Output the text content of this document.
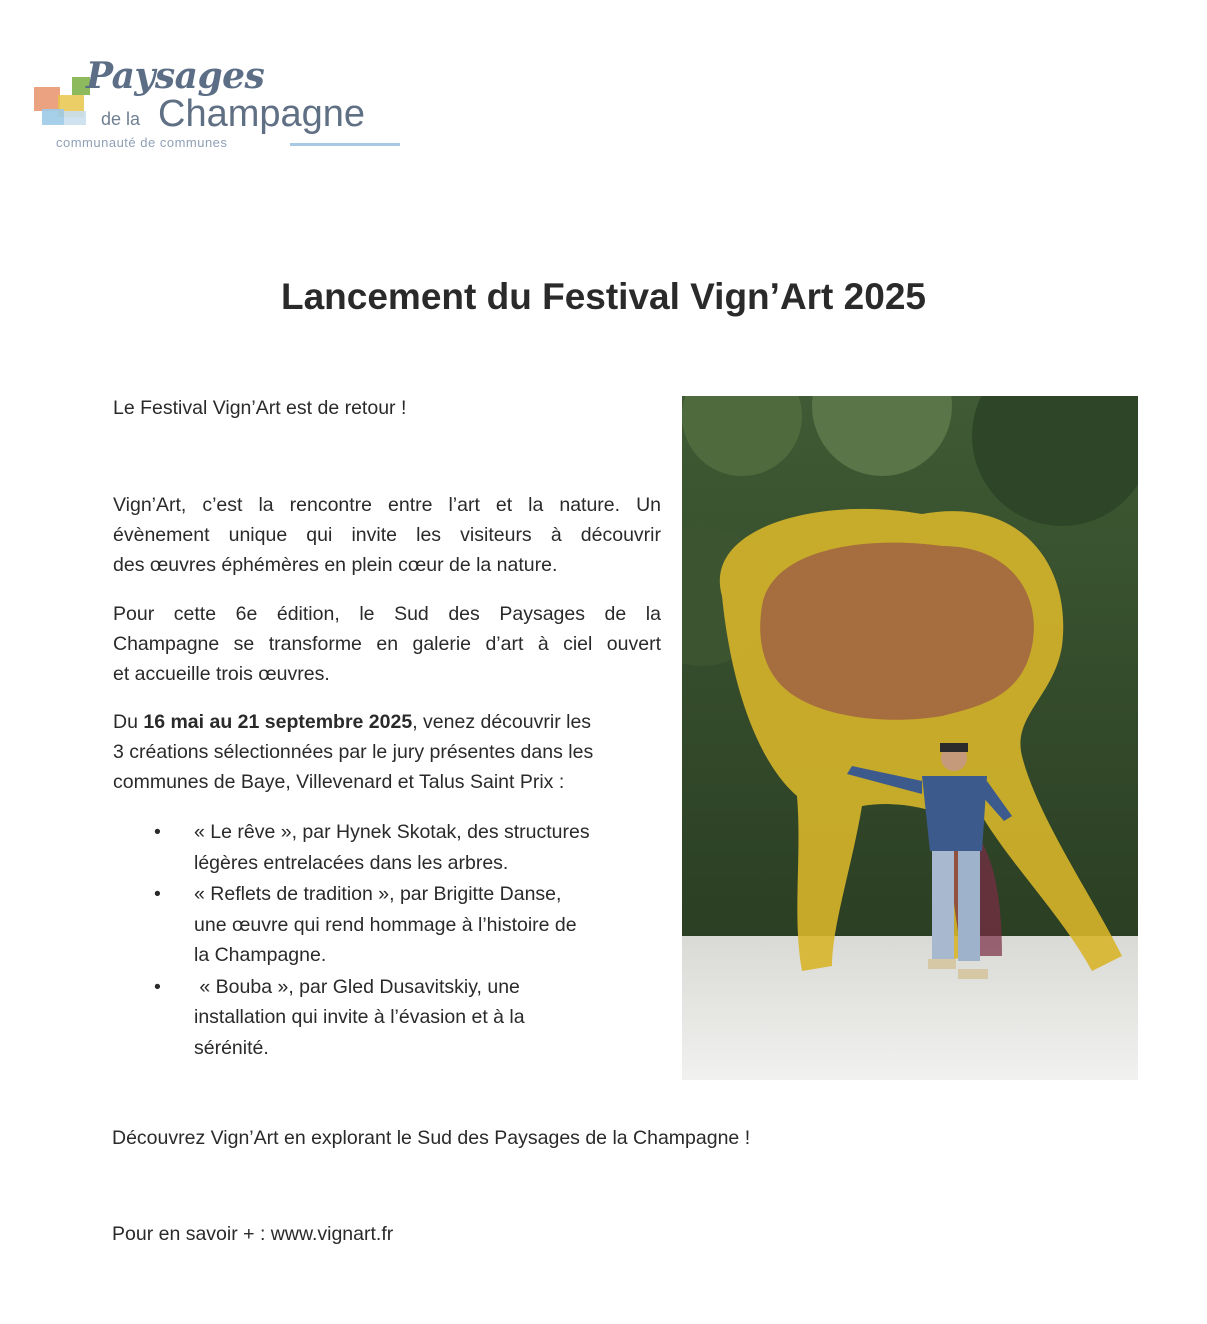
Paysages
de la Champagne
communauté de communes
Lancement du Festival Vign’Art 2025
Le Festival Vign’Art est de retour !
Vign’Art, c’est la rencontre entre l’art et la nature. Un
évènement unique qui invite les visiteurs à découvrir
des œuvres éphémères en plein cœur de la nature.
Pour cette 6e édition, le Sud des Paysages de la
Champagne se transforme en galerie d’art à ciel ouvert
et accueille trois œuvres.
Du 16 mai au 21 septembre 2025, venez découvrir les
3 créations sélectionnées par le jury présentes dans les
communes de Baye, Villevenard et Talus Saint Prix :
• « Le rêve », par Hynek Skotak, des structures
légères entrelacées dans les arbres.
• « Reflets de tradition », par Brigitte Danse,
une œuvre qui rend hommage à l’histoire de
la Champagne.
• « Bouba », par Gled Dusavitskiy, une
installation qui invite à l’évasion et à la
sérénité.
Découvrez Vign’Art en explorant le Sud des Paysages de la Champagne !
Pour en savoir + : www.vignart.fr
